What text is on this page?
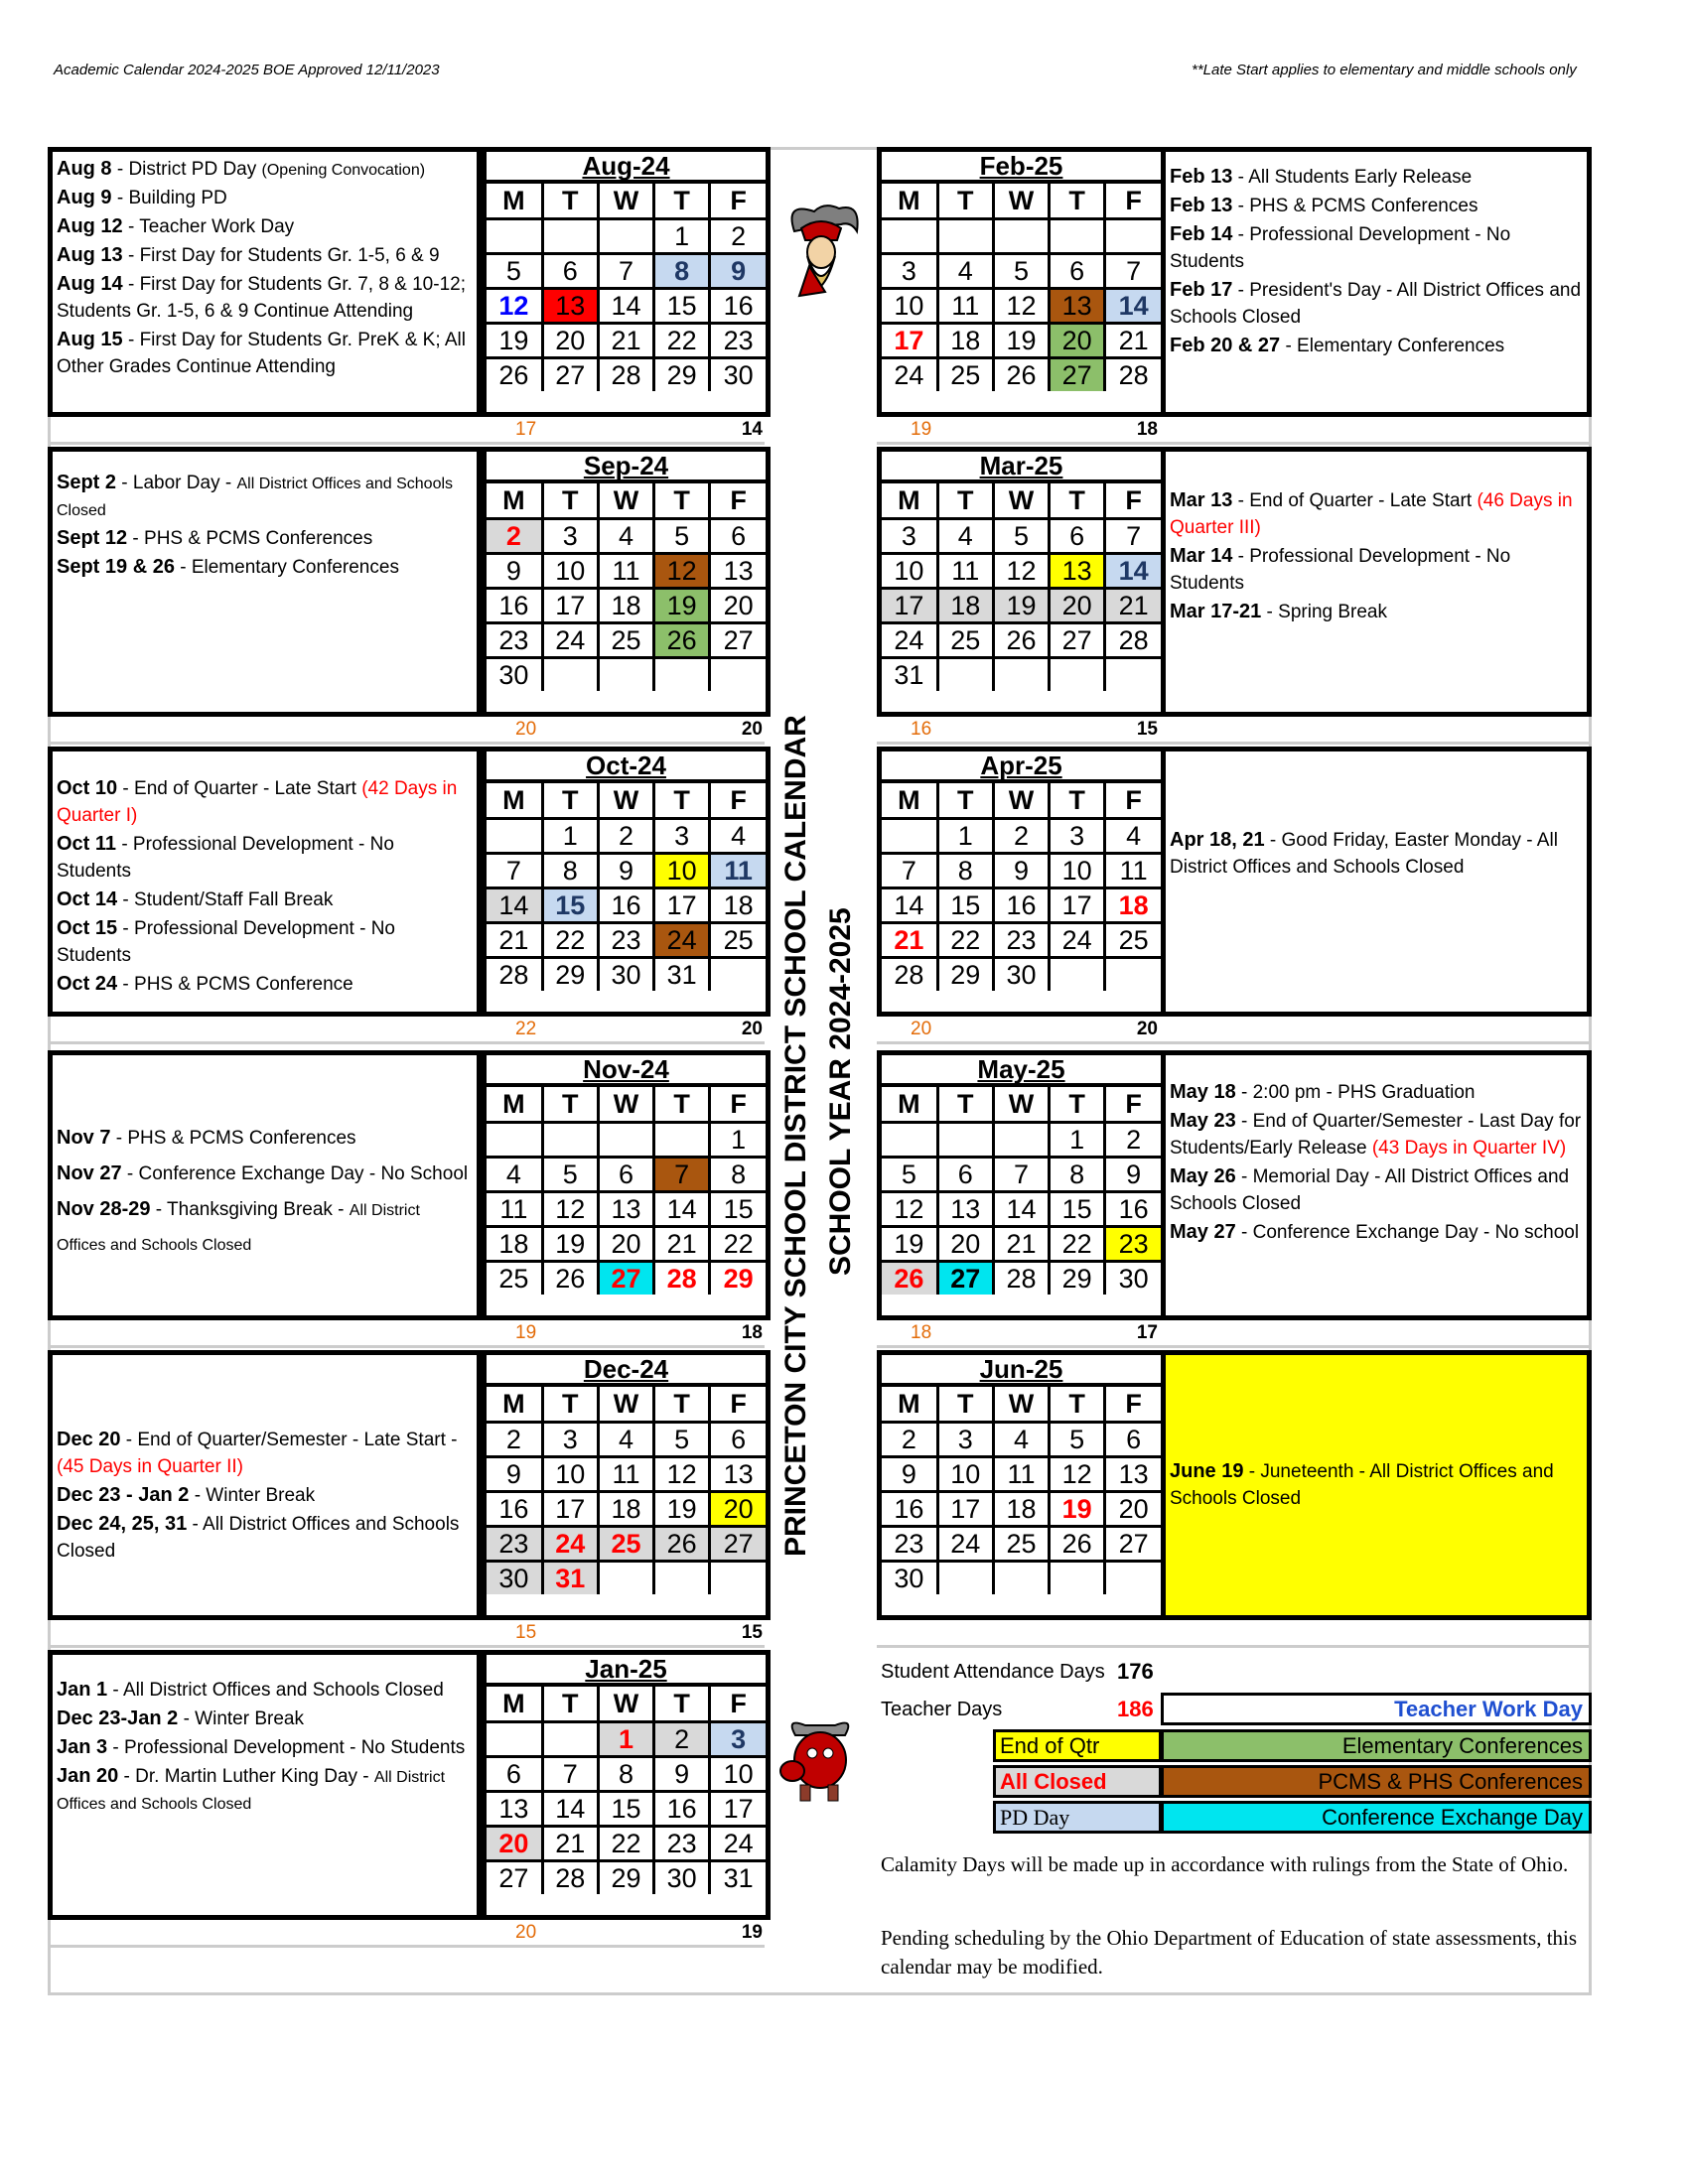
Academic Calendar 2024-2025 BOE Approved 12/11/2023	**Late Start applies to elementary and middle schools only
PRINCETON CITY SCHOOL DISTRICT SCHOOL CALENDAR SCHOOL YEAR 2024-2025
Aug 8 - District PD Day (Opening Convocation)
Aug 9 - Building PD
Aug 12 - Teacher Work Day
Aug 13 - First Day for Students Gr. 1-5, 6 & 9
Aug 14 - First Day for Students Gr. 7, 8 & 10-12; Students Gr. 1-5, 6 & 9 Continue Attending
Aug 15 - First Day for Students Gr. PreK & K; All Other Grades Continue Attending
Aug-24
M	T	W	T	F
			1	2
5	6	7	8	9
12	13	14	15	16
19	20	21	22	23
26	27	28	29	30
17	14
Sept 2 - Labor Day - All District Offices and Schools Closed
Sept 12 - PHS & PCMS Conferences
Sept 19 & 26 - Elementary Conferences
Sep-24
M	T	W	T	F
2	3	4	5	6
9	10	11	12	13
16	17	18	19	20
23	24	25	26	27
30				
20	20
Oct 10 - End of Quarter - Late Start (42 Days in Quarter I)
Oct 11 - Professional Development - No Students
Oct 14 - Student/Staff Fall Break
Oct 15 - Professional Development - No Students
Oct 24 - PHS & PCMS Conference
Oct-24
M	T	W	T	F
	1	2	3	4
7	8	9	10	11
14	15	16	17	18
21	22	23	24	25
28	29	30	31	
22	20
Nov 7 - PHS & PCMS Conferences
Nov 27 - Conference Exchange Day - No School
Nov 28-29 - Thanksgiving Break - All District Offices and Schools Closed
Nov-24
M	T	W	T	F
				1
4	5	6	7	8
11	12	13	14	15
18	19	20	21	22
25	26	27	28	29
19	18
Dec 20 - End of Quarter/Semester - Late Start - (45 Days in Quarter II)
Dec 23 - Jan 2 - Winter Break
Dec 24, 25, 31 - All District Offices and Schools Closed
Dec-24
M	T	W	T	F
2	3	4	5	6
9	10	11	12	13
16	17	18	19	20
23	24	25	26	27
30	31			
15	15
Jan 1 - All District Offices and Schools Closed
Dec 23-Jan 2 - Winter Break
Jan 3 - Professional Development - No Students
Jan 20 - Dr. Martin Luther King Day - All District Offices and Schools Closed
Jan-25
M	T	W	T	F
		1	2	3
6	7	8	9	10
13	14	15	16	17
20	21	22	23	24
27	28	29	30	31
20	19
Feb-25
M	T	W	T	F

3	4	5	6	7
10	11	12	13	14
17	18	19	20	21
24	25	26	27	28
Feb 13 - All Students Early Release
Feb 13 - PHS & PCMS Conferences
Feb 14 - Professional Development - No Students
Feb 17 - President's Day - All District Offices and Schools Closed
Feb 20 & 27 - Elementary Conferences
19	18
Mar-25
M	T	W	T	F
3	4	5	6	7
10	11	12	13	14
17	18	19	20	21
24	25	26	27	28
31				
Mar 13 - End of Quarter - Late Start (46 Days in Quarter III)
Mar 14 - Professional Development - No Students
Mar 17-21 - Spring Break
16	15
Apr-25
M	T	W	T	F
	1	2	3	4
7	8	9	10	11
14	15	16	17	18
21	22	23	24	25
28	29	30		
Apr 18, 21 - Good Friday, Easter Monday - All District Offices and Schools Closed
20	20
May-25
M	T	W	T	F
			1	2
5	6	7	8	9
12	13	14	15	16
19	20	21	22	23
26	27	28	29	30
May 18 - 2:00 pm - PHS Graduation
May 23 - End of Quarter/Semester - Last Day for Students/Early Release (43 Days in Quarter IV)
May 26 - Memorial Day - All District Offices and Schools Closed
May 27 - Conference Exchange Day - No school
18	17
Jun-25
M	T	W	T	F
2	3	4	5	6
9	10	11	12	13
16	17	18	19	20
23	24	25	26	27
30				
June 19 - Juneteenth - All District Offices and Schools Closed
Student Attendance Days 176
Teacher Days	186	Teacher Work Day
End of Qtr	Elementary Conferences
All Closed	PCMS & PHS Conferences
PD Day	Conference Exchange Day
Calamity Days will be made up in accordance with rulings from the State of Ohio.
Pending scheduling by the Ohio Department of Education of state assessments, this calendar may be modified.
